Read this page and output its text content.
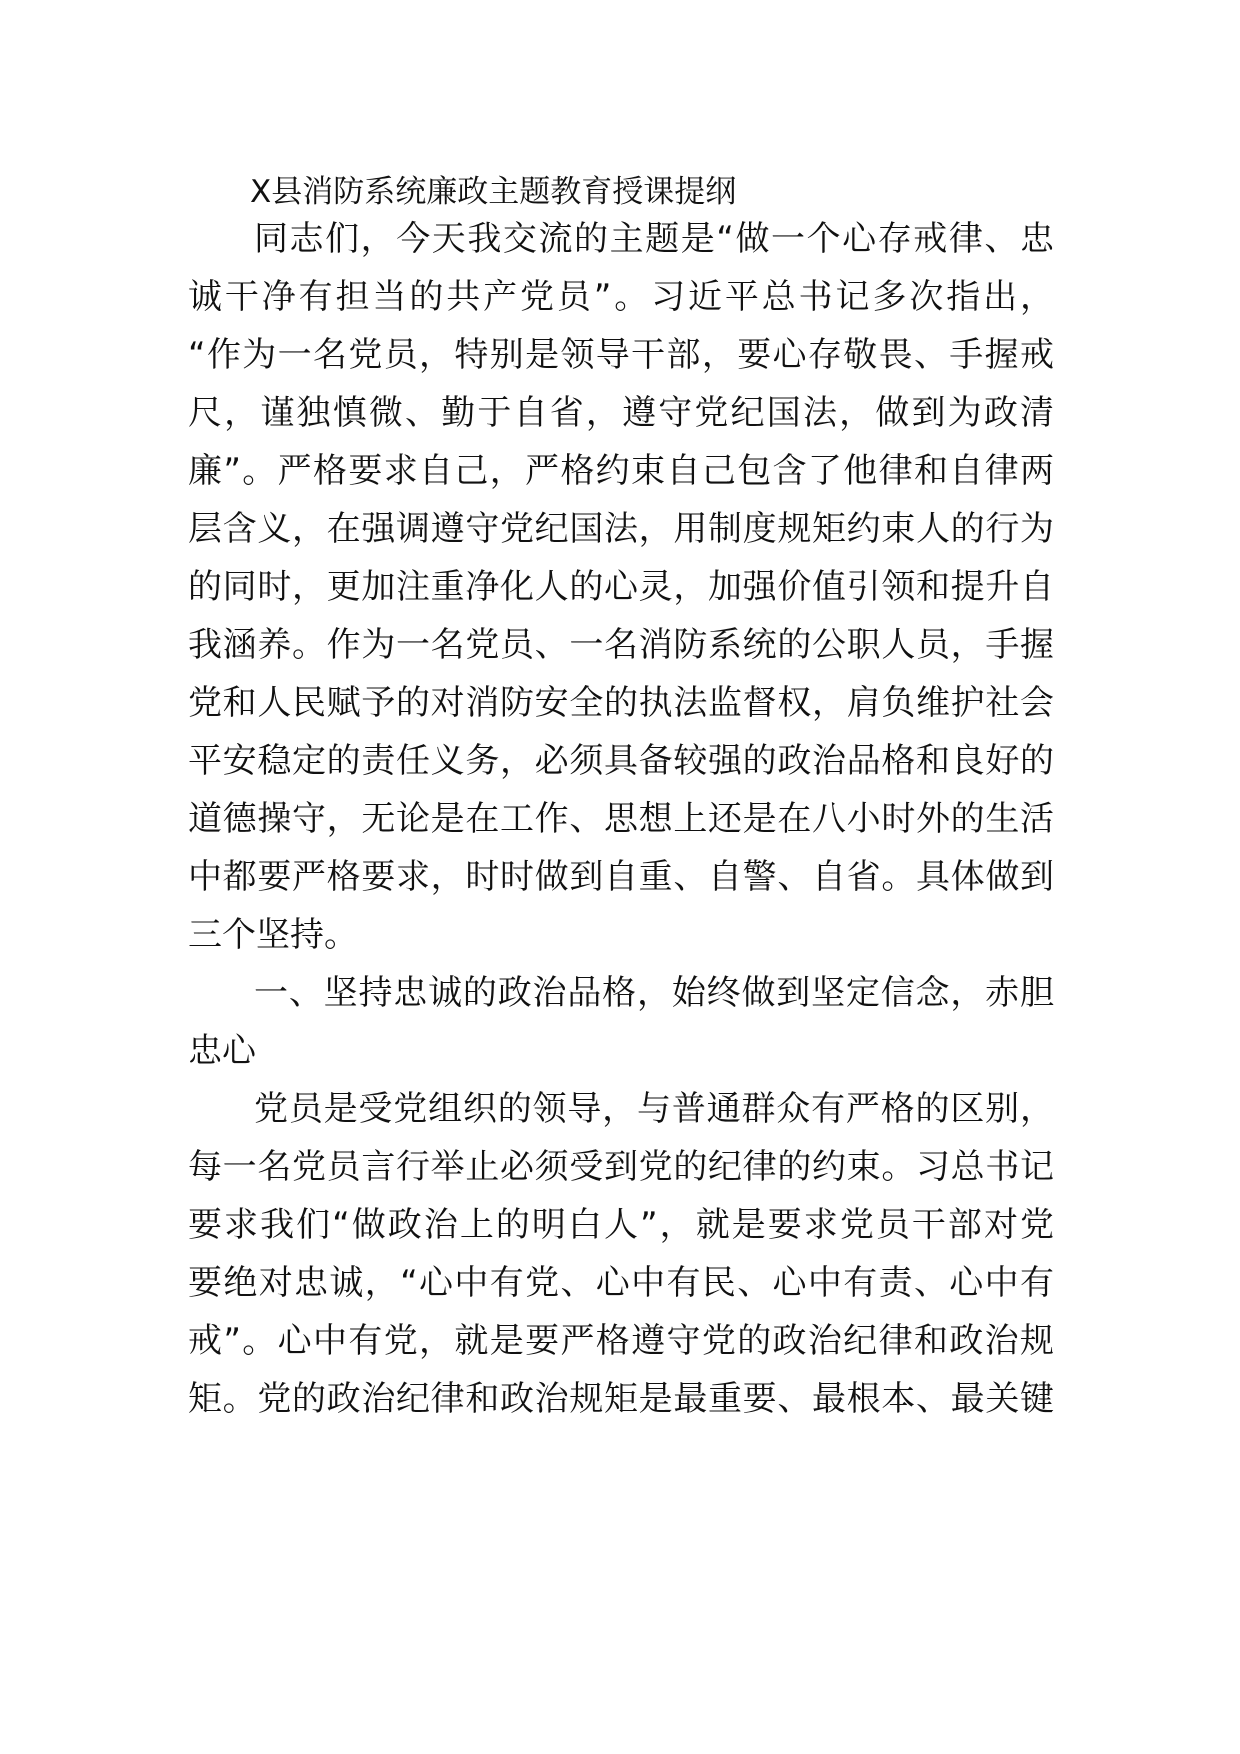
X县消防系统廉政主题教育授课提纲

同志们，今天我交流的主题是“做一个心存戒律、忠

诚干净有担当的共产党员”。习近平总书记多次指出，

“作为一名党员，特别是领导干部，要心存敬畏、手握戒

尺，谨独慎微、勤于自省，遵守党纪国法，做到为政清

廉”。严格要求自己，严格约束自己包含了他律和自律两

层含义，在强调遵守党纪国法，用制度规矩约束人的行为

的同时，更加注重净化人的心灵，加强价值引领和提升自

我涵养。作为一名党员、一名消防系统的公职人员，手握

党和人民赋予的对消防安全的执法监督权，肩负维护社会

平安稳定的责任义务，必须具备较强的政治品格和良好的

道德操守，无论是在工作、思想上还是在八小时外的生活

中都要严格要求，时时做到自重、自警、自省。具体做到

三个坚持。

一、坚持忠诚的政治品格，始终做到坚定信念，赤胆

忠心

党员是受党组织的领导，与普通群众有严格的区别，

每一名党员言行举止必须受到党的纪律的约束。习总书记

要求我们“做政治上的明白人”，就是要求党员干部对党

要绝对忠诚，“心中有党、心中有民、心中有责、心中有

戒”。心中有党，就是要严格遵守党的政治纪律和政治规

矩。党的政治纪律和政治规矩是最重要、最根本、最关键
